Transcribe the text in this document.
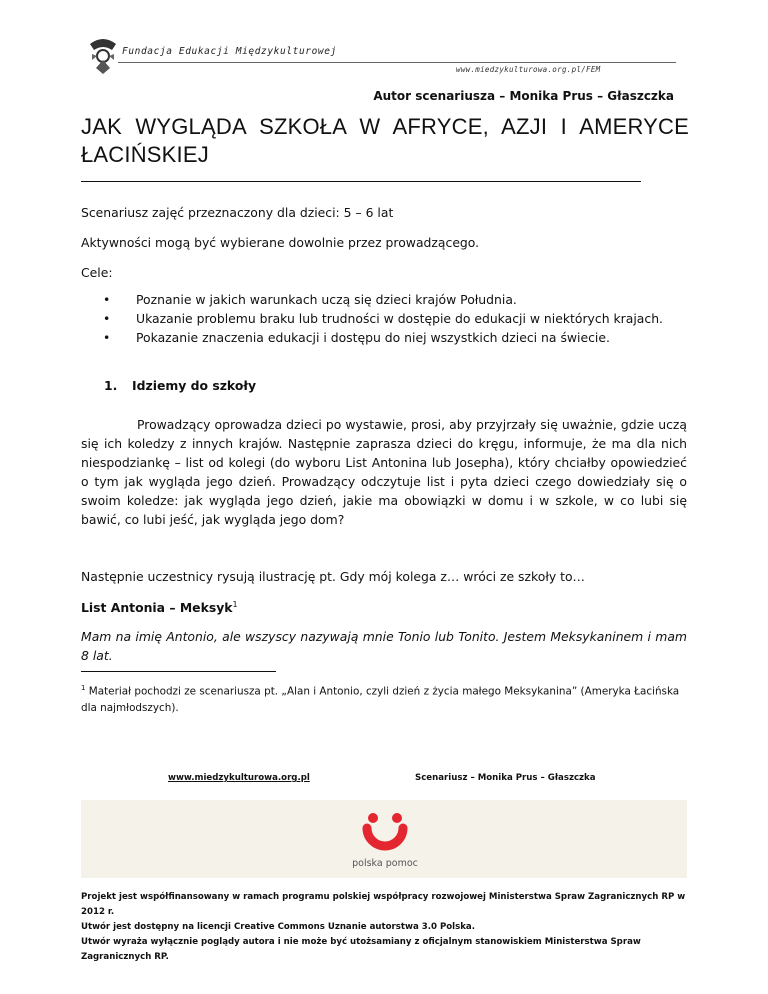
Fundacja Edukacji Międzykulturowej
www.miedzykulturowa.org.pl/FEM
Autor scenariusza – Monika Prus – Głaszczka
JAK WYGLĄDA SZKOŁA W AFRYCE, AZJI I AMERYCE
ŁACIŃSKIEJ
Scenariusz zajęć przeznaczony dla dzieci: 5 – 6 lat
Aktywności mogą być wybierane dowolnie przez prowadzącego.
Cele:
• Poznanie w jakich warunkach uczą się dzieci krajów Południa.
• Ukazanie problemu braku lub trudności w dostępie do edukacji w niektórych krajach.
• Pokazanie znaczenia edukacji i dostępu do niej wszystkich dzieci na świecie.
1. Idziemy do szkoły
Prowadzący oprowadza dzieci po wystawie, prosi, aby przyjrzały się uważnie, gdzie uczą się ich koledzy z innych krajów. Następnie zaprasza dzieci do kręgu, informuje, że ma dla nich niespodziankę – list od kolegi (do wyboru List Antonina lub Josepha), który chciałby opowiedzieć o tym jak wygląda jego dzień. Prowadzący odczytuje list i pyta dzieci czego dowiedziały się o swoim koledze: jak wygląda jego dzień, jakie ma obowiązki w domu i w szkole, w co lubi się bawić, co lubi jeść, jak wygląda jego dom?
Następnie uczestnicy rysują ilustrację pt. Gdy mój kolega z… wróci ze szkoły to…
List Antonia – Meksyk$^1$
Mam na imię Antonio, ale wszyscy nazywają mnie Tonio lub Tonito. Jestem Meksykaninem i mam 8 lat.
$^1$ Materiał pochodzi ze scenariusza pt. „Alan i Antonio, czyli dzień z życia małego Meksykanina” (Ameryka Łacińska dla najmłodszych).
www.miedzykulturowa.org.pl	Scenariusz – Monika Prus – Głaszczka
polska pomoc
Projekt jest współfinansowany w ramach programu polskiej współpracy rozwojowej Ministerstwa Spraw Zagranicznych RP w 2012 r.
Utwór jest dostępny na licencji Creative Commons Uznanie autorstwa 3.0 Polska.
Utwór wyraża wyłącznie poglądy autora i nie może być utożsamiany z oficjalnym stanowiskiem Ministerstwa Spraw Zagranicznych RP.
